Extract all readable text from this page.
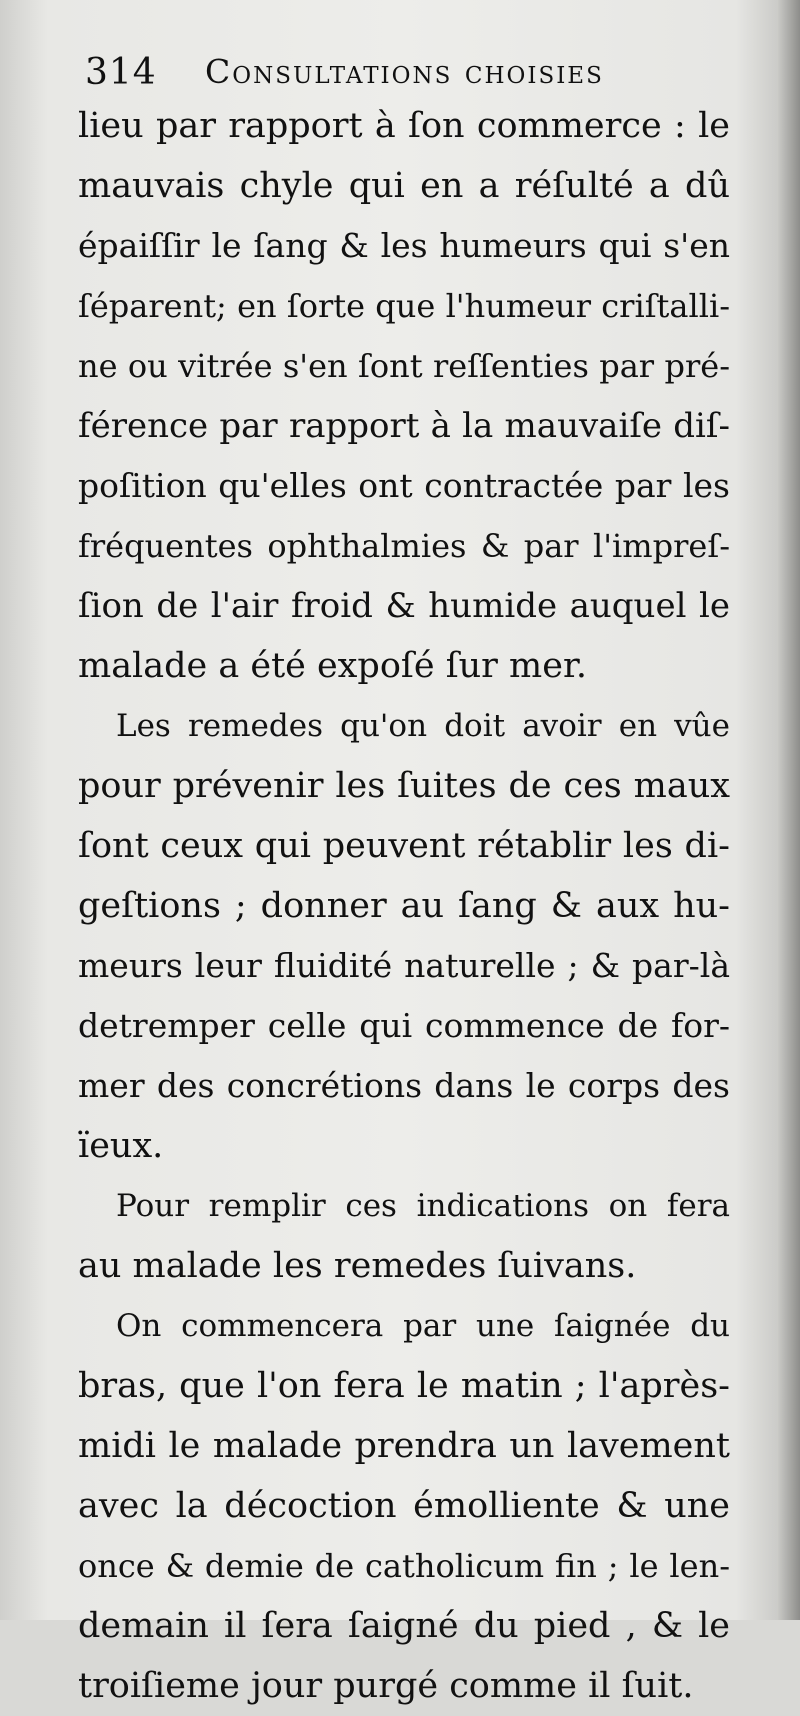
314 Consultations choisies
lieu par rapport à ſon commerce : le
mauvais chyle qui en a réſulté a dû
épaiſſir le ſang & les humeurs qui s'en
ſéparent; en ſorte que l'humeur criſtalli-
ne ou vitrée s'en ſont reſſenties par pré-
férence par rapport à la mauvaiſe diſ-
poſition qu'elles ont contractée par les
fréquentes ophthalmies & par l'impreſ-
ſion de l'air froid & humide auquel le
malade a été expoſé ſur mer.
Les remedes qu'on doit avoir en vûe
pour prévenir les ſuites de ces maux
ſont ceux qui peuvent rétablir les di-
geſtions ; donner au ſang & aux hu-
meurs leur fluidité naturelle ; & par-là
detremper celle qui commence de for-
mer des concrétions dans le corps des
ïeux.
Pour remplir ces indications on fera
au malade les remedes ſuivans.
On commencera par une ſaignée du
bras, que l'on fera le matin ; l'après-
midi le malade prendra un lavement
avec la décoction émolliente & une
once & demie de catholicum fin ; le len-
demain il ſera ſaigné du pied , & le
troiſieme jour purgé comme il ſuit.
